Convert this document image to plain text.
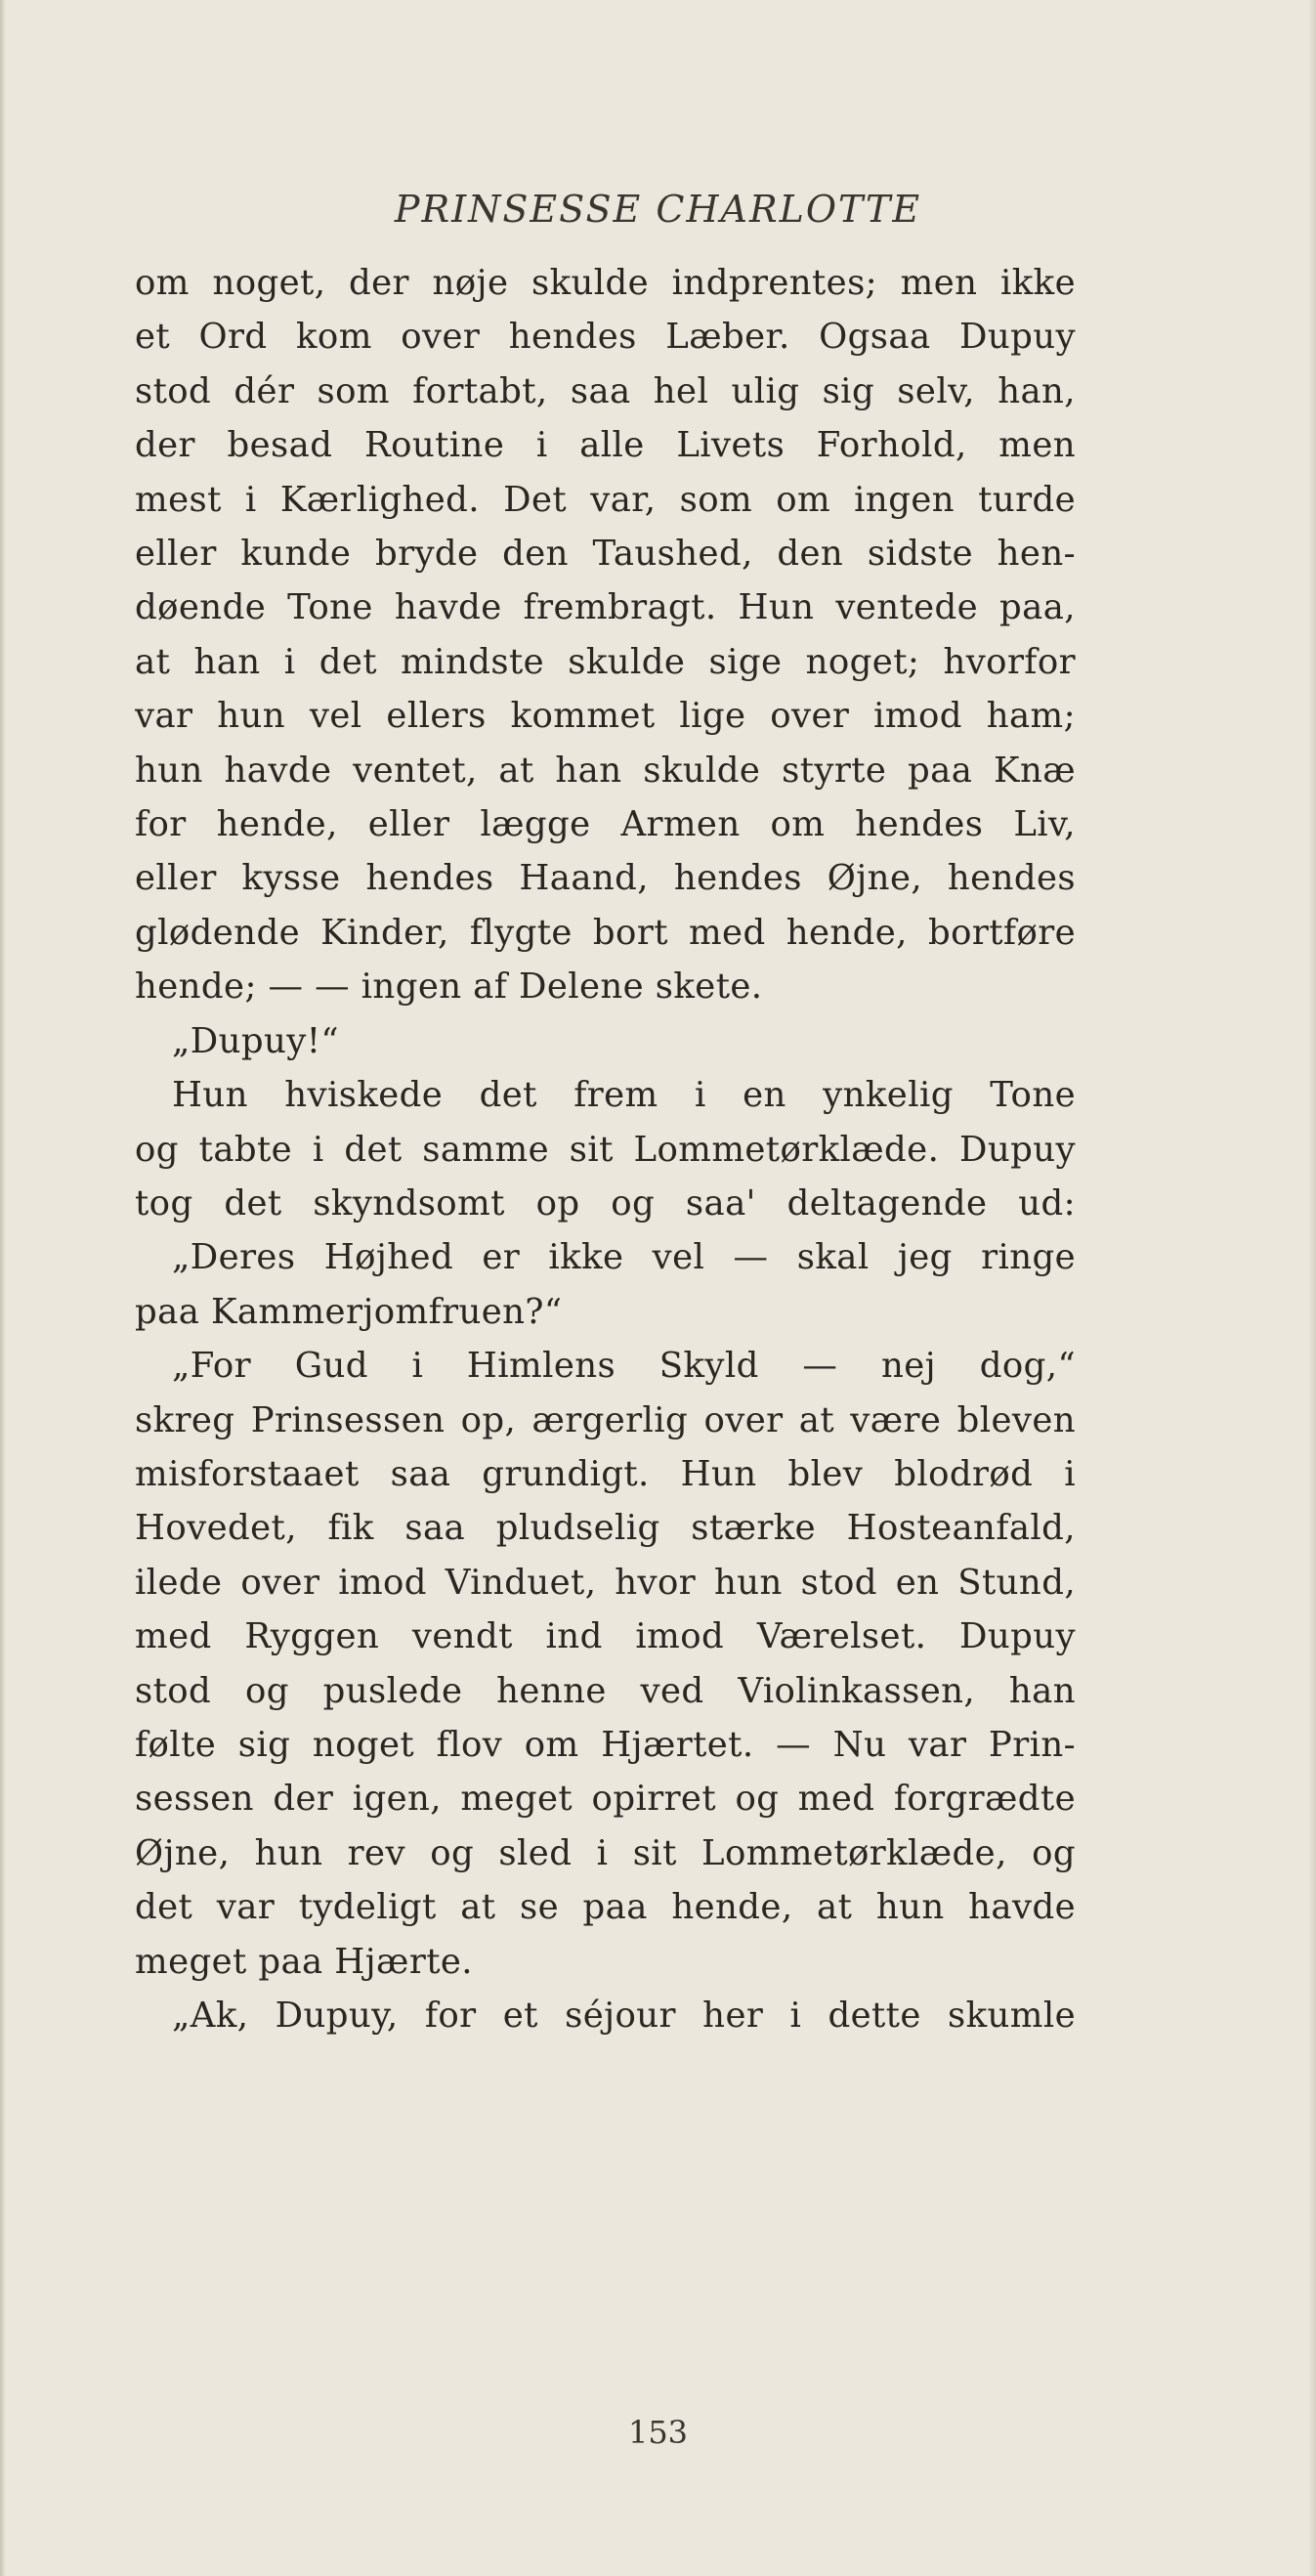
PRINSESSE CHARLOTTE

om noget, der nøje skulde indprentes; men ikke

et Ord kom over hendes Læber. Ogsaa Dupuy

stod dér som fortabt, saa hel ulig sig selv, han,

der besad Routine i alle Livets Forhold, men

mest i Kærlighed. Det var, som om ingen turde

eller kunde bryde den Taushed, den sidste hen-

døende Tone havde frembragt. Hun ventede paa,

at han i det mindste skulde sige noget; hvorfor

var hun vel ellers kommet lige over imod ham;

hun havde ventet, at han skulde styrte paa Knæ

for hende, eller lægge Armen om hendes Liv,

eller kysse hendes Haand, hendes Øjne, hendes

glødende Kinder, flygte bort med hende, bortføre

hende; — — ingen af Delene skete.

„Dupuy!“

Hun hviskede det frem i en ynkelig Tone

og tabte i det samme sit Lommetørklæde. Dupuy

tog det skyndsomt op og saa' deltagende ud:

„Deres Højhed er ikke vel — skal jeg ringe

paa Kammerjomfruen?“

„For Gud i Himlens Skyld — nej dog,“

skreg Prinsessen op, ærgerlig over at være bleven

misforstaaet saa grundigt. Hun blev blodrød i

Hovedet, fik saa pludselig stærke Hosteanfald,

ilede over imod Vinduet, hvor hun stod en Stund,

med Ryggen vendt ind imod Værelset. Dupuy

stod og puslede henne ved Violinkassen, han

følte sig noget flov om Hjærtet. — Nu var Prin-

sessen der igen, meget opirret og med forgrædte

Øjne, hun rev og sled i sit Lommetørklæde, og

det var tydeligt at se paa hende, at hun havde

meget paa Hjærte.

„Ak, Dupuy, for et séjour her i dette skumle

153
